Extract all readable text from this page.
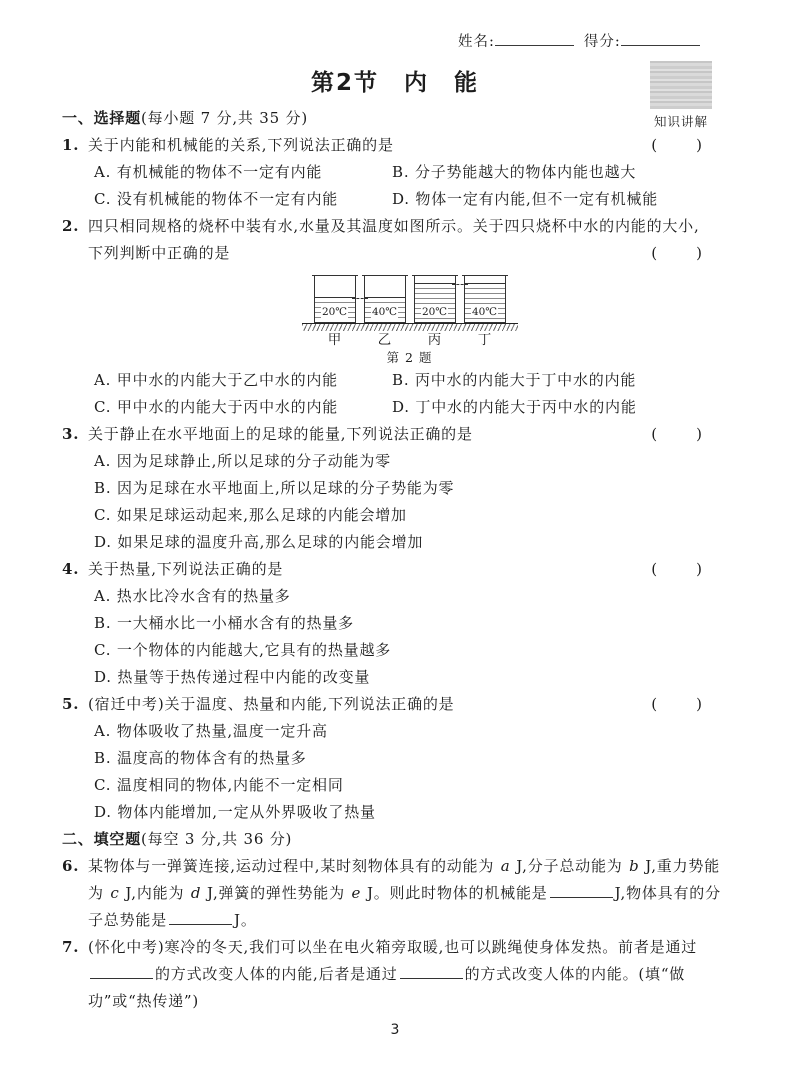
姓名:	得分:
第2节　内　能
知识讲解
一、选择题(每小题 7 分,共 35 分)
1.	(　　)
关于内能和机械能的关系,下列说法正确的是
A. 有机械能的物体不一定有内能	B. 分子势能越大的物体内能也越大
C. 没有机械能的物体不一定有内能	D. 物体一定有内能,但不一定有机械能
2. 四只相同规格的烧杯中装有水,水量及其温度如图所示。关于四只烧杯中水的内能的大小,
(　　)
下列判断中正确的是
20℃ 40℃ 20℃ 40℃
甲	乙	丙	丁
第 2 题
A. 甲中水的内能大于乙中水的内能	B. 丙中水的内能大于丁中水的内能
C. 甲中水的内能大于丙中水的内能	D. 丁中水的内能大于丙中水的内能
3.	(　　)
关于静止在水平地面上的足球的能量,下列说法正确的是
A. 因为足球静止,所以足球的分子动能为零
B. 因为足球在水平地面上,所以足球的分子势能为零
C. 如果足球运动起来,那么足球的内能会增加
D. 如果足球的温度升高,那么足球的内能会增加
4.	(　　)
关于热量,下列说法正确的是
A. 热水比冷水含有的热量多
B. 一大桶水比一小桶水含有的热量多
C. 一个物体的内能越大,它具有的热量越多
D. 热量等于热传递过程中内能的改变量
5.	(　　)
(宿迁中考)关于温度、热量和内能,下列说法正确的是
A. 物体吸收了热量,温度一定升高
B. 温度高的物体含有的热量多
C. 温度相同的物体,内能不一定相同
D. 物体内能增加,一定从外界吸收了热量
二、填空题(每空 3 分,共 36 分)
6. 某物体与一弹簧连接,运动过程中,某时刻物体具有的动能为 a J,分子总动能为 b J,重力势能为 c J,内能为 d J,弹簧的弹性势能为 e J。则此时物体的机械能是	J,物体具有的分子总势能是	J。
7. (怀化中考)寒冷的冬天,我们可以坐在电火箱旁取暖,也可以跳绳使身体发热。前者是通过的方式改变人体的内能,后者是通过	的方式改变人体的内能。(填“做功”或“热传递”)
3
